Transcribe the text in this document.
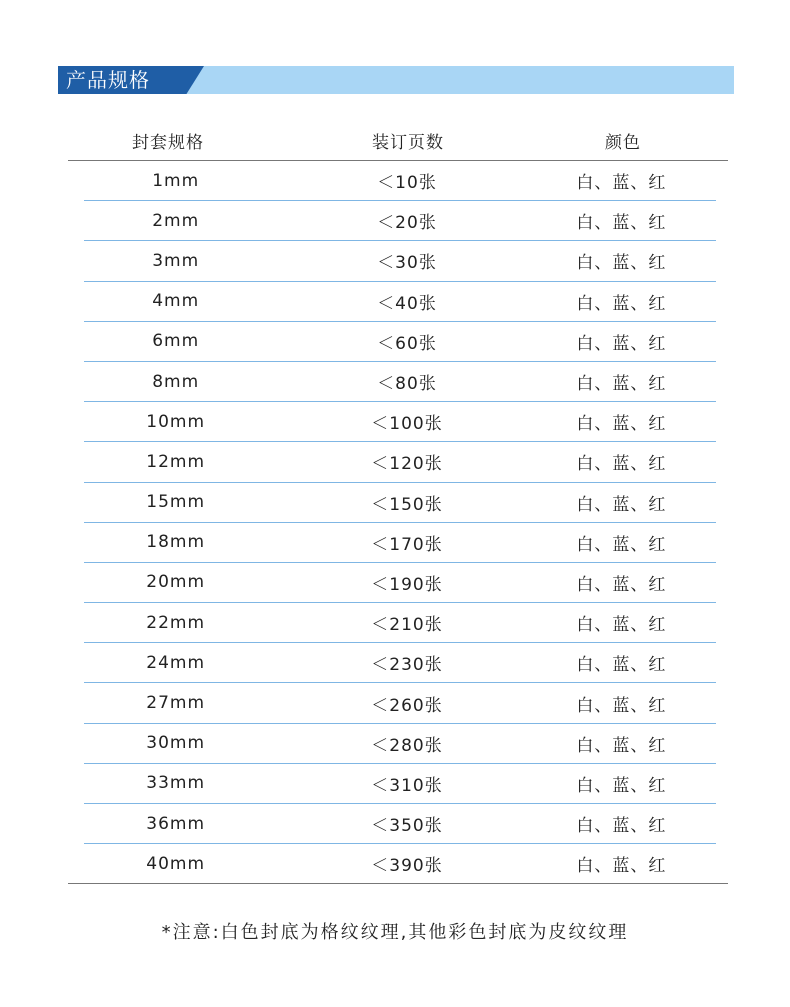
产品规格
封套规格	装订页数	颜色
1mm	＜10张	白、蓝、红
2mm	＜20张	白、蓝、红
3mm	＜30张	白、蓝、红
4mm	＜40张	白、蓝、红
6mm	＜60张	白、蓝、红
8mm	＜80张	白、蓝、红
10mm	＜100张	白、蓝、红
12mm	＜120张	白、蓝、红
15mm	＜150张	白、蓝、红
18mm	＜170张	白、蓝、红
20mm	＜190张	白、蓝、红
22mm	＜210张	白、蓝、红
24mm	＜230张	白、蓝、红
27mm	＜260张	白、蓝、红
30mm	＜280张	白、蓝、红
33mm	＜310张	白、蓝、红
36mm	＜350张	白、蓝、红
40mm	＜390张	白、蓝、红
*注意:白色封底为格纹纹理,其他彩色封底为皮纹纹理
